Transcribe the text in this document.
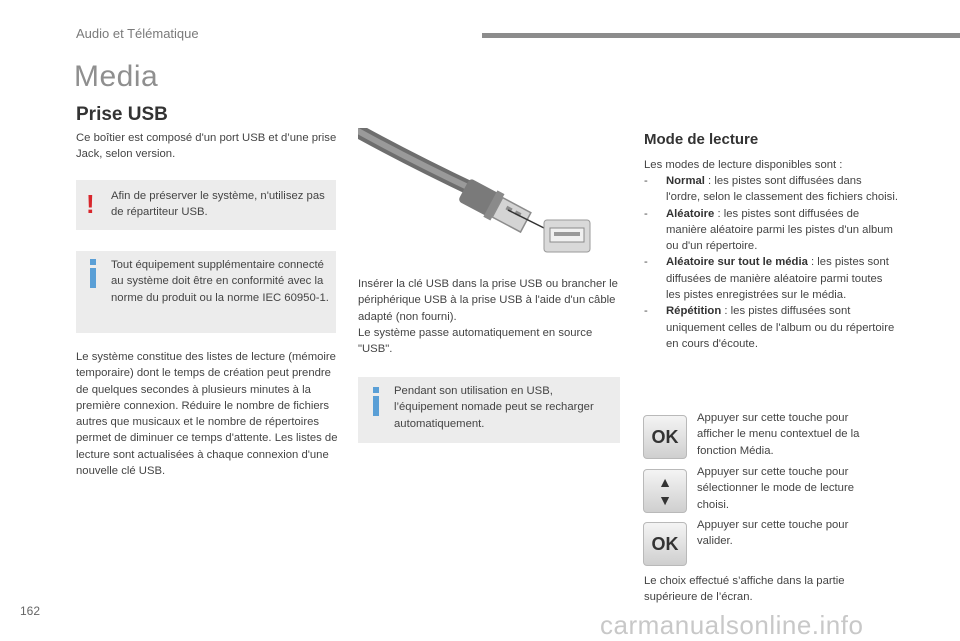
Audio et Télématique
Media
Prise USB
Ce boîtier est composé d'un port USB et d’une prise Jack, selon version.
! Afin de préserver le système, n'utilisez pas de répartiteur USB.
Tout équipement supplémentaire connecté au système doit être en conformité avec la norme du produit ou la norme IEC 60950-1.
Le système constitue des listes de lecture (mémoire temporaire) dont le temps de création peut prendre de quelques secondes à plusieurs minutes à la première connexion. Réduire le nombre de fichiers autres que musicaux et le nombre de répertoires permet de diminuer ce temps d'attente. Les listes de lecture sont actualisées à chaque connexion d'une nouvelle clé USB.
Insérer la clé USB dans la prise USB ou brancher le périphérique USB à la prise USB à l'aide d'un câble adapté (non fourni).
Le système passe automatiquement en source "USB".
Pendant son utilisation en USB, l’équipement nomade peut se recharger automatiquement.
Mode de lecture
Les modes de lecture disponibles sont :
- Normal : les pistes sont diffusées dans l'ordre, selon le classement des fichiers choisi.
- Aléatoire : les pistes sont diffusées de manière aléatoire parmi les pistes d'un album ou d'un répertoire.
- Aléatoire sur tout le média : les pistes sont diffusées de manière aléatoire parmi toutes les pistes enregistrées sur le média.
- Répétition : les pistes diffusées sont uniquement celles de l'album ou du répertoire en cours d'écoute.
OK
Appuyer sur cette touche pour afficher le menu contextuel de la fonction Média.
▲
▼
Appuyer sur cette touche pour sélectionner le mode de lecture choisi.
OK
Appuyer sur cette touche pour valider.
Le choix effectué s’affiche dans la partie supérieure de l’écran.
162	carmanualsonline.info
